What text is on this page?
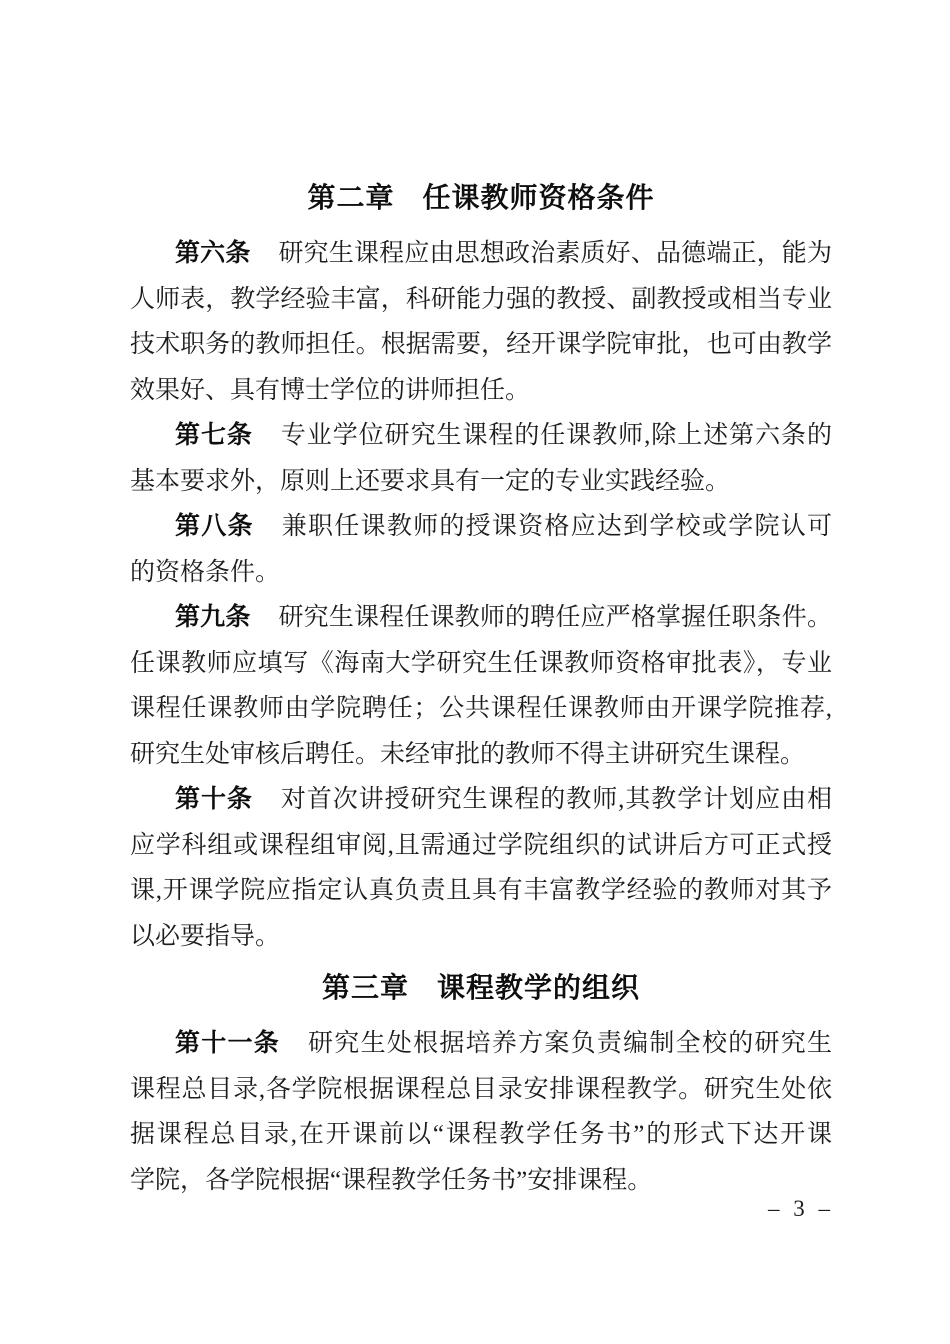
第二章 任课教师资格条件
第六条 研究生课程应由思想政治素质好、品德端正，能为
人师表，教学经验丰富，科研能力强的教授、副教授或相当专业
技术职务的教师担任。根据需要，经开课学院审批，也可由教学
效果好、具有博士学位的讲师担任。
第七条 专业学位研究生课程的任课教师,除上述第六条的
基本要求外，原则上还要求具有一定的专业实践经验。
第八条 兼职任课教师的授课资格应达到学校或学院认可
的资格条件。
第九条 研究生课程任课教师的聘任应严格掌握任职条件。
任课教师应填写《海南大学研究生任课教师资格审批表》，专业
课程任课教师由学院聘任；公共课程任课教师由开课学院推荐,
研究生处审核后聘任。未经审批的教师不得主讲研究生课程。
第十条 对首次讲授研究生课程的教师,其教学计划应由相
应学科组或课程组审阅,且需通过学院组织的试讲后方可正式授
课,开课学院应指定认真负责且具有丰富教学经验的教师对其予
以必要指导。
第三章 课程教学的组织
第十一条 研究生处根据培养方案负责编制全校的研究生
课程总目录,各学院根据课程总目录安排课程教学。研究生处依
据课程总目录,在开课前以“课程教学任务书”的形式下达开课
学院，各学院根据“课程教学任务书”安排课程。
– 3 –
